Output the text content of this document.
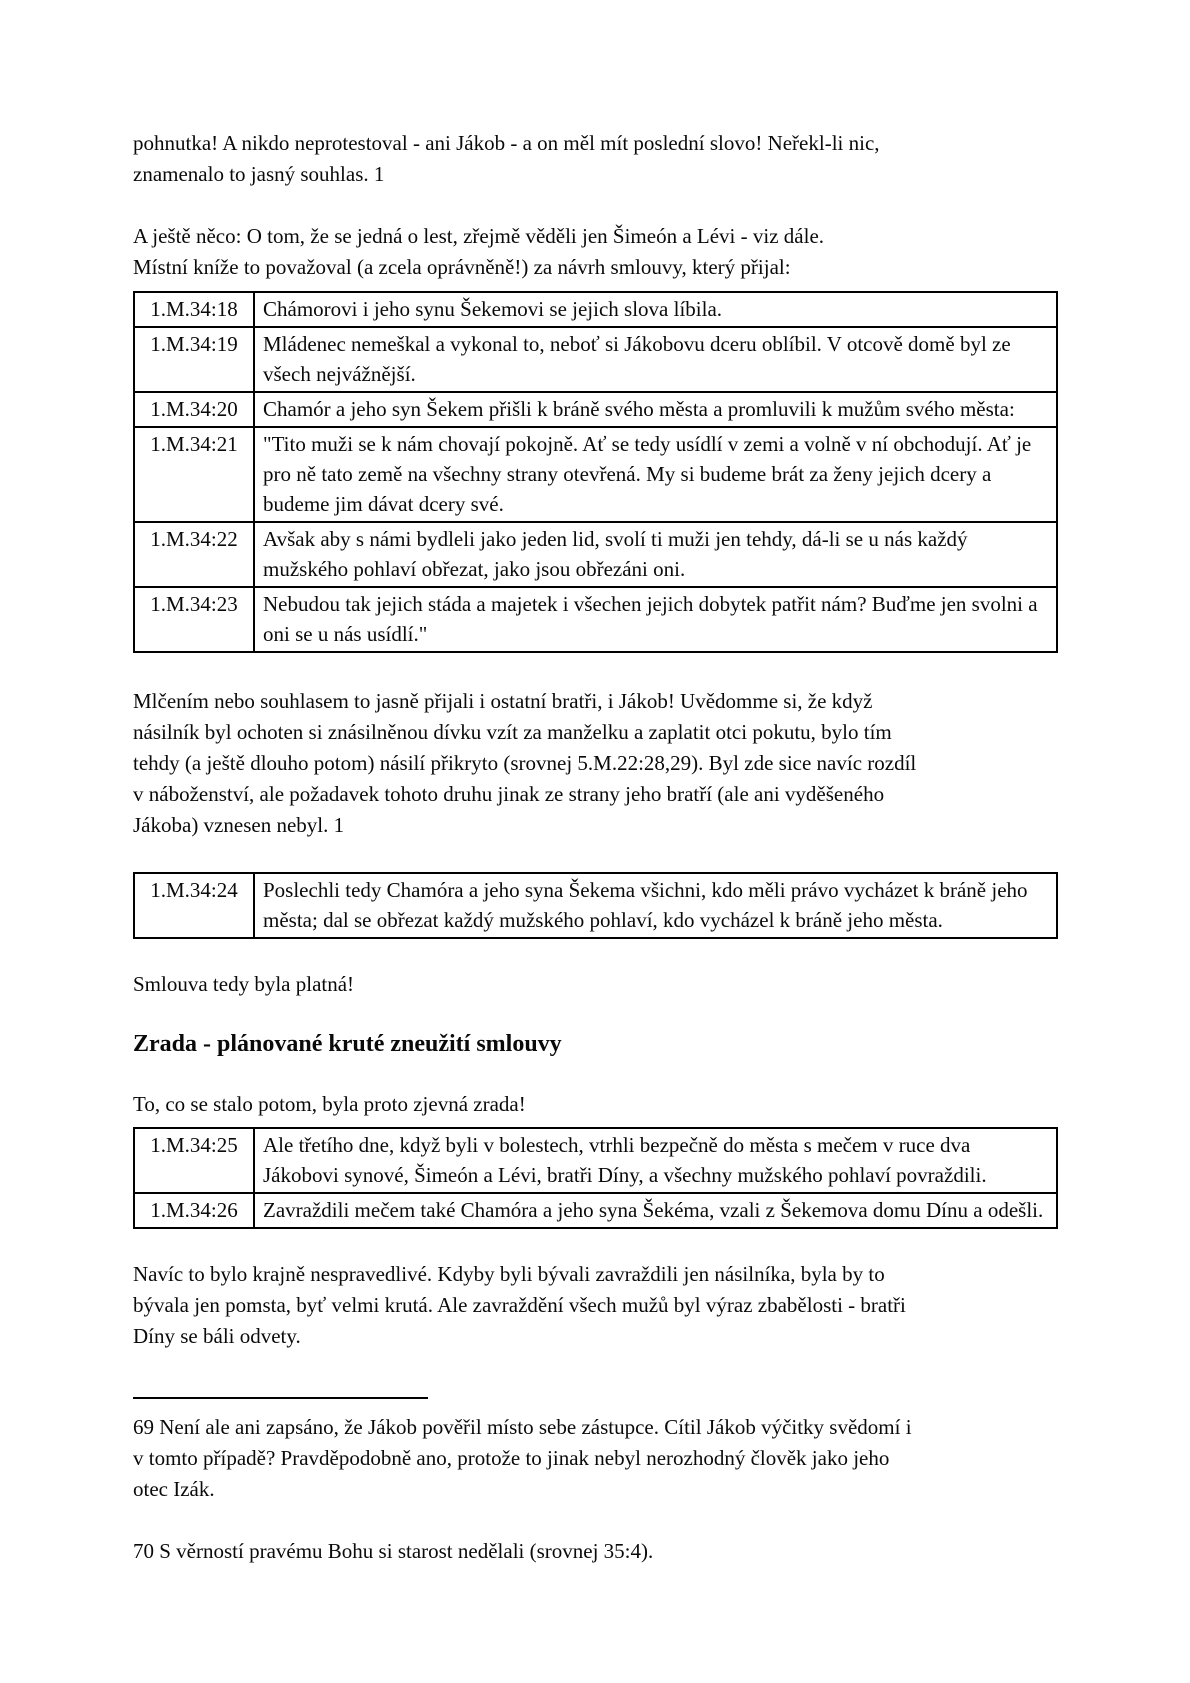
pohnutka! A nikdo neprotestoval - ani Jákob - a on měl mít poslední slovo! Neřekl-li nic,
znamenalo to jasný souhlas. 1

A ještě něco: O tom, že se jedná o lest, zřejmě věděli jen Šimeón a Lévi - viz dále.
Místní kníže to považoval (a zcela oprávněně!) za návrh smlouvy, který přijal:

1.M.34:18	Chámorovi i jeho synu Šekemovi se jejich slova líbila.
1.M.34:19	Mládenec nemeškal a vykonal to, neboť si Jákobovu dceru oblíbil. V otcově domě byl ze všech nejvážnější.
1.M.34:20	Chamór a jeho syn Šekem přišli k bráně svého města a promluvili k mužům svého města:
1.M.34:21	"Tito muži se k nám chovají pokojně. Ať se tedy usídlí v zemi a volně v ní obchodují. Ať je pro ně tato země na všechny strany otevřená. My si budeme brát za ženy jejich dcery a budeme jim dávat dcery své.
1.M.34:22	Avšak aby s námi bydleli jako jeden lid, svolí ti muži jen tehdy, dá-li se u nás každý mužského pohlaví obřezat, jako jsou obřezáni oni.
1.M.34:23	Nebudou tak jejich stáda a majetek i všechen jejich dobytek patřit nám? Buďme jen svolni a oni se u nás usídlí."

Mlčením nebo souhlasem to jasně přijali i ostatní bratři, i Jákob! Uvědomme si, že když
násilník byl ochoten si znásilněnou dívku vzít za manželku a zaplatit otci pokutu, bylo tím
tehdy (a ještě dlouho potom) násilí přikryto (srovnej 5.M.22:28,29). Byl zde sice navíc rozdíl
v náboženství, ale požadavek tohoto druhu jinak ze strany jeho bratří (ale ani vyděšeného
Jákoba) vznesen nebyl. 1

1.M.34:24	Poslechli tedy Chamóra a jeho syna Šekema všichni, kdo měli právo vycházet k bráně jeho města; dal se obřezat každý mužského pohlaví, kdo vycházel k bráně jeho města.

Smlouva tedy byla platná!

Zrada - plánované kruté zneužití smlouvy

To, co se stalo potom, byla proto zjevná zrada!

1.M.34:25	Ale třetího dne, když byli v bolestech, vtrhli bezpečně do města s mečem v ruce dva Jákobovi synové, Šimeón a Lévi, bratři Díny, a všechny mužského pohlaví povraždili.
1.M.34:26	Zavraždili mečem také Chamóra a jeho syna Šekéma, vzali z Šekemova domu Dínu a odešli.

Navíc to bylo krajně nespravedlivé. Kdyby byli bývali zavraždili jen násilníka, byla by to
bývala jen pomsta, byť velmi krutá. Ale zavraždění všech mužů byl výraz zbabělosti - bratři
Díny se báli odvety.

69 Není ale ani zapsáno, že Jákob pověřil místo sebe zástupce. Cítil Jákob výčitky svědomí i
v tomto případě? Pravděpodobně ano, protože to jinak nebyl nerozhodný člověk jako jeho
otec Izák.

70 S věrností pravému Bohu si starost nedělali (srovnej 35:4).
